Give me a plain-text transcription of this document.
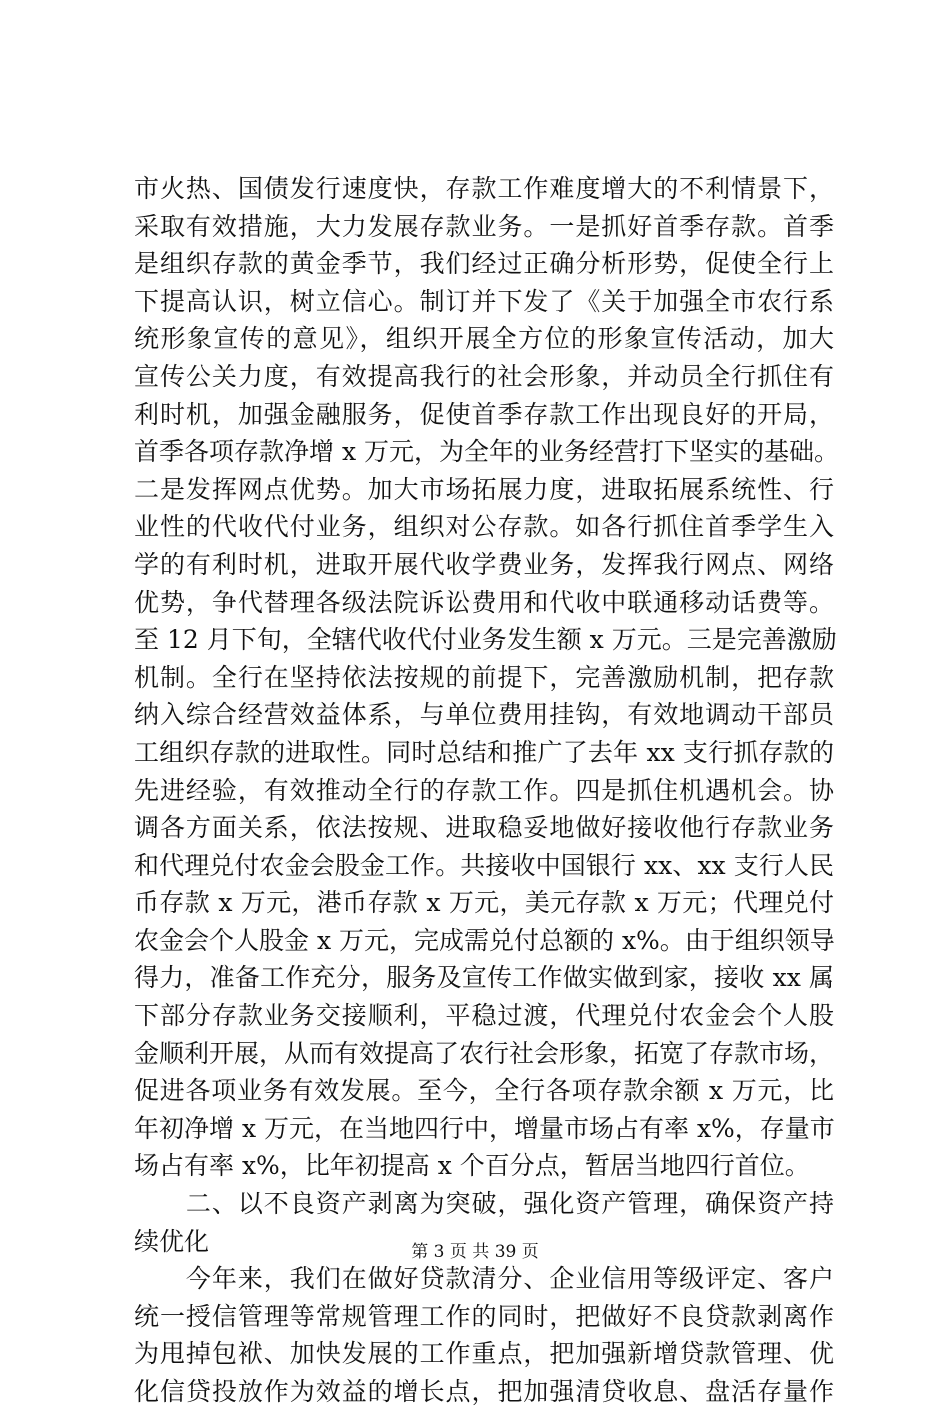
市火热、国债发行速度快，存款工作难度增大的不利情景下，
采取有效措施，大力发展存款业务。一是抓好首季存款。首季
是组织存款的黄金季节，我们经过正确分析形势，促使全行上
下提高认识，树立信心。制订并下发了《关于加强全市农行系
统形象宣传的意见》，组织开展全方位的形象宣传活动，加大
宣传公关力度，有效提高我行的社会形象，并动员全行抓住有
利时机，加强金融服务，促使首季存款工作出现良好的开局，
首季各项存款净增 x 万元，为全年的业务经营打下坚实的基础。
二是发挥网点优势。加大市场拓展力度，进取拓展系统性、行
业性的代收代付业务，组织对公存款。如各行抓住首季学生入
学的有利时机，进取开展代收学费业务，发挥我行网点、网络
优势，争代替理各级法院诉讼费用和代收中联通移动话费等。
至 12 月下旬，全辖代收代付业务发生额 x 万元。三是完善激励
机制。全行在坚持依法按规的前提下，完善激励机制，把存款
纳入综合经营效益体系，与单位费用挂钩，有效地调动干部员
工组织存款的进取性。同时总结和推广了去年 xx 支行抓存款的
先进经验，有效推动全行的存款工作。四是抓住机遇机会。协
调各方面关系，依法按规、进取稳妥地做好接收他行存款业务
和代理兑付农金会股金工作。共接收中国银行 xx、xx 支行人民
币存款 x 万元，港币存款 x 万元，美元存款 x 万元；代理兑付
农金会个人股金 x 万元，完成需兑付总额的 x%。由于组织领导
得力，准备工作充分，服务及宣传工作做实做到家，接收 xx 属
下部分存款业务交接顺利，平稳过渡，代理兑付农金会个人股
金顺利开展，从而有效提高了农行社会形象，拓宽了存款市场，
促进各项业务有效发展。至今，全行各项存款余额 x 万元，比
年初净增 x 万元，在当地四行中，增量市场占有率 x%，存量市
场占有率 x%，比年初提高 x 个百分点，暂居当地四行首位。
　　二、以不良资产剥离为突破，强化资产管理，确保资产持
续优化
　　今年来，我们在做好贷款清分、企业信用等级评定、客户
统一授信管理等常规管理工作的同时，把做好不良贷款剥离作
为甩掉包袱、加快发展的工作重点，把加强新增贷款管理、优
化信贷投放作为效益的增长点，把加强清贷收息、盘活存量作
第 3 页 共 39 页
